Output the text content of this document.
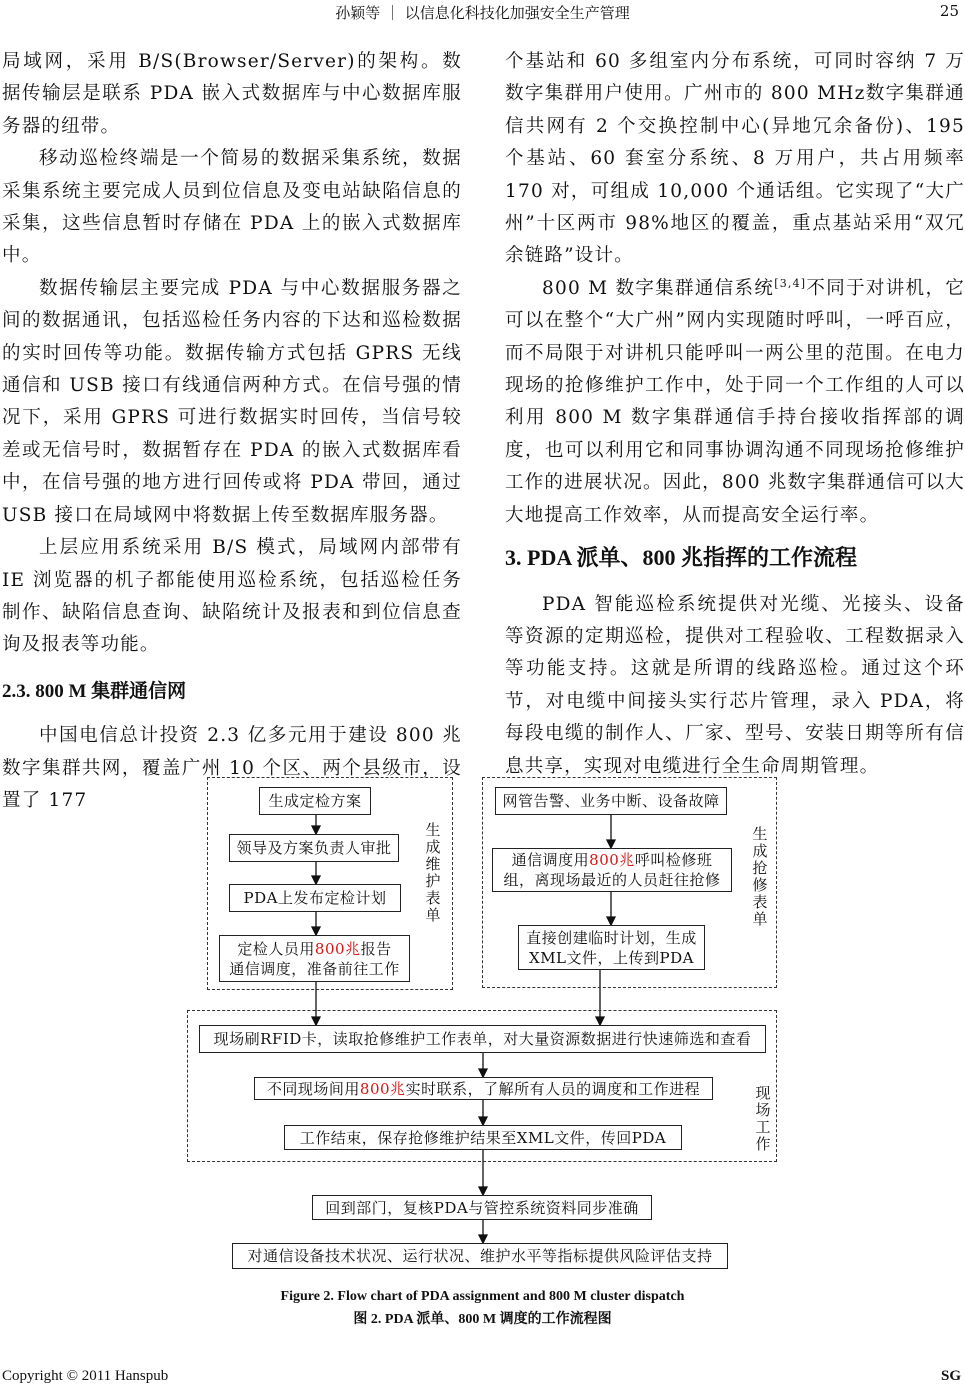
孙颖等 ｜ 以信息化科技化加强安全生产管理	25

局域网，采用 B/S(Browser/Server)的架构。数据传输层是联系 PDA 嵌入式数据库与中心数据库服务器的纽带。

移动巡检终端是一个简易的数据采集系统，数据采集系统主要完成人员到位信息及变电站缺陷信息的采集，这些信息暂时存储在 PDA 上的嵌入式数据库中。

数据传输层主要完成 PDA 与中心数据服务器之间的数据通讯，包括巡检任务内容的下达和巡检数据的实时回传等功能。数据传输方式包括 GPRS 无线通信和 USB 接口有线通信两种方式。在信号强的情况下，采用 GPRS 可进行数据实时回传，当信号较差或无信号时，数据暂存在 PDA 的嵌入式数据库看中，在信号强的地方进行回传或将 PDA 带回，通过 USB 接口在局域网中将数据上传至数据库服务器。

上层应用系统采用 B/S 模式，局域网内部带有 IE 浏览器的机子都能使用巡检系统，包括巡检任务制作、缺陷信息查询、缺陷统计及报表和到位信息查询及报表等功能。

2.3. 800 M 集群通信网

中国电信总计投资 2.3 亿多元用于建设 800 兆数字集群共网，覆盖广州 10 个区、两个县级市，设置了 177

个基站和 60 多组室内分布系统，可同时容纳 7 万数字集群用户使用。广州市的 800 MHz数字集群通信共网有 2 个交换控制中心(异地冗余备份)、195 个基站、60 套室分系统、8 万用户，共占用频率 170 对，可组成 10,000 个通话组。它实现了“大广州”十区两市 98%地区的覆盖，重点基站采用“双冗余链路”设计。

800 M 数字集群通信系统[3,4]不同于对讲机，它可以在整个“大广州”网内实现随时呼叫，一呼百应，而不局限于对讲机只能呼叫一两公里的范围。在电力现场的抢修维护工作中，处于同一个工作组的人可以利用 800 M 数字集群通信手持台接收指挥部的调度，也可以利用它和同事协调沟通不同现场抢修维护工作的进展状况。因此，800 兆数字集群通信可以大大地提高工作效率，从而提高安全运行率。

3. PDA 派单、800 兆指挥的工作流程

PDA 智能巡检系统提供对光缆、光接头、设备等资源的定期巡检，提供对工程验收、工程数据录入等功能支持。这就是所谓的线路巡检。通过这个环节，对电缆中间接头实行芯片管理，录入 PDA，将每段电缆的制作人、厂家、型号、安装日期等所有信息共享，实现对电缆进行全生命周期管理。

生成维护表单
生成抢修表单
现场工作
生成定检方案
领导及方案负责人审批
PDA上发布定检计划
定检人员用800兆报告
通信调度，准备前往工作
网管告警、业务中断、设备故障
通信调度用800兆呼叫检修班
组，离现场最近的人员赶往抢修
直接创建临时计划，生成
XML文件，上传到PDA
现场刷RFID卡，读取抢修维护工作表单，对大量资源数据进行快速筛选和查看
不同现场间用 800兆 实时联系，了解所有人员的调度和工作进程
工作结束，保存抢修维护结果至XML文件，传回PDA
回到部门，复核PDA与管控系统资料同步准确
对通信设备技术状况、运行状况、维护水平等指标提供风险评估支持
Figure 2. Flow chart of PDA assignment and 800 M cluster dispatch
图 2. PDA 派单、800 M 调度的工作流程图
Copyright © 2011 Hanspub	SG
